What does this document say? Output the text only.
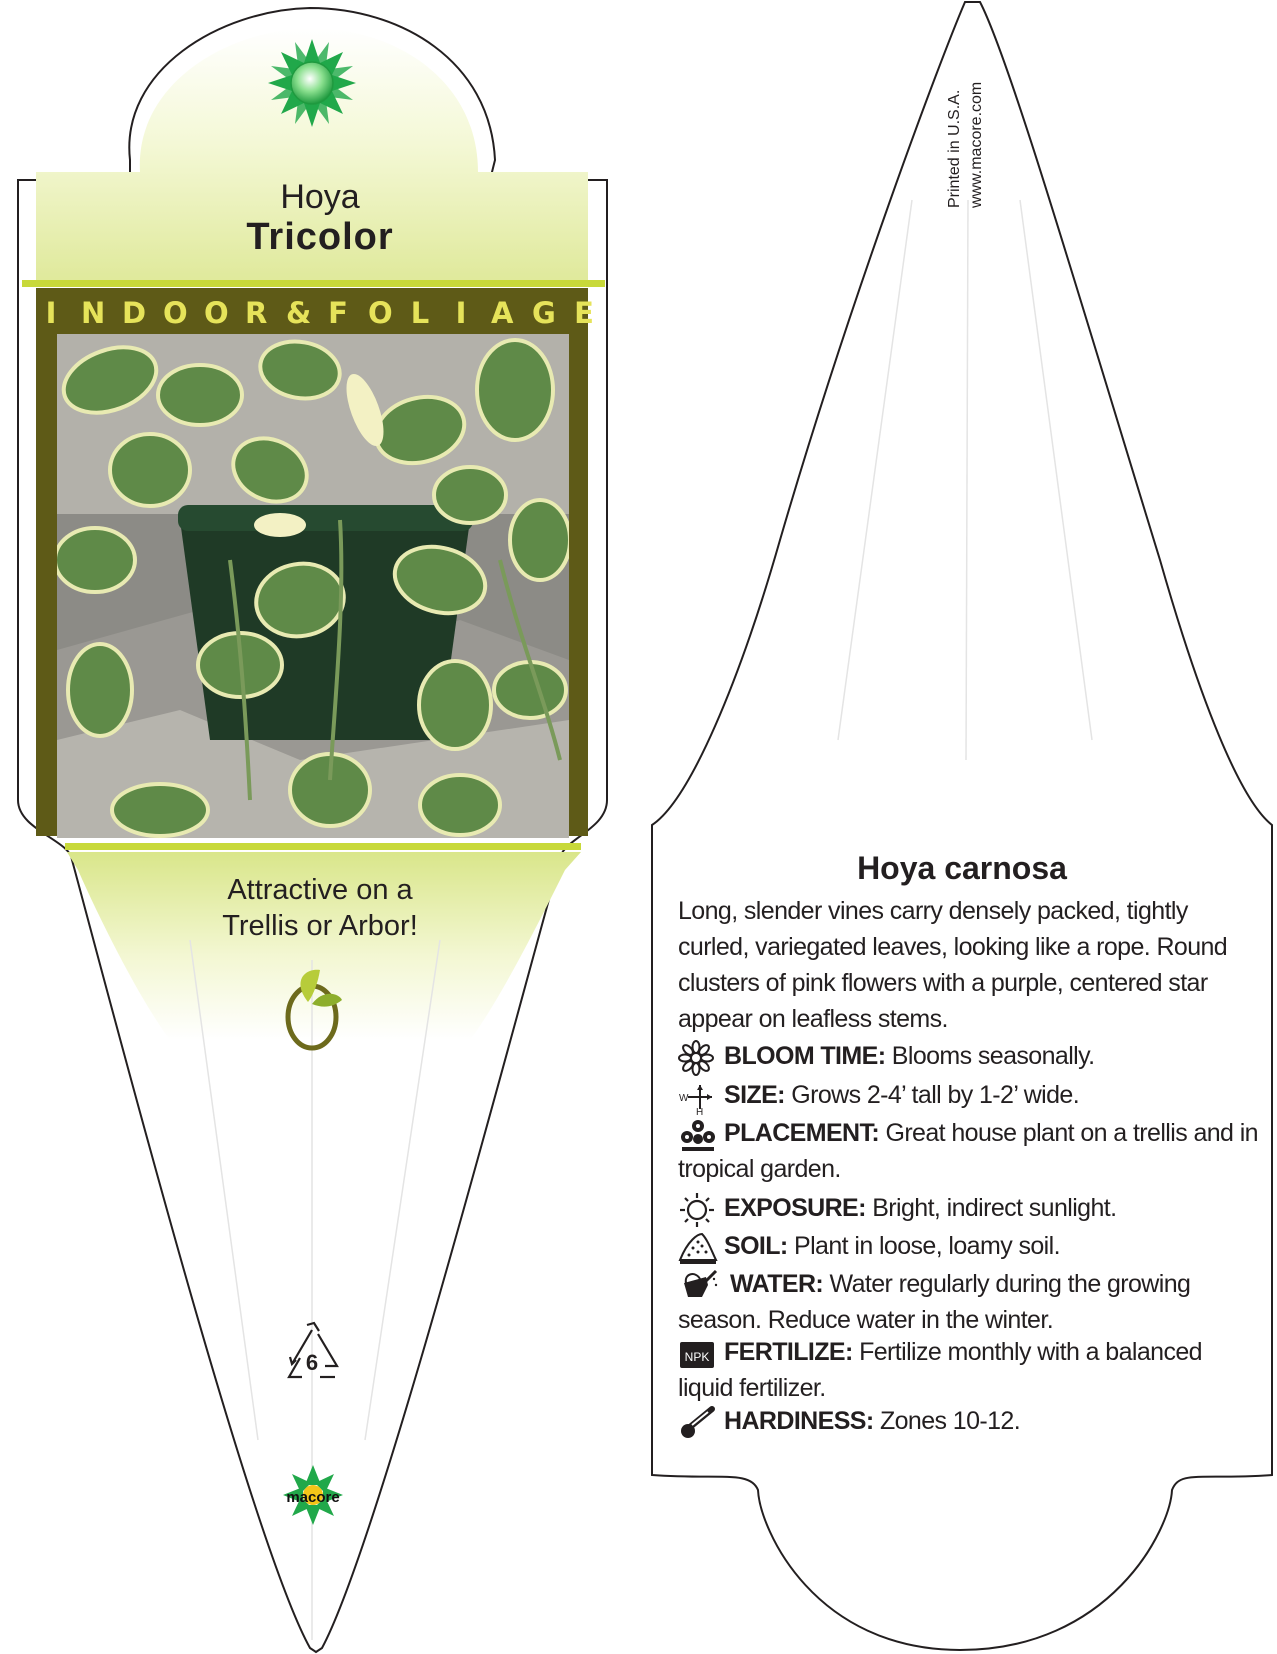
Hoya
Tricolor
I N D O O R & F O L I A G E
Attractive on a
Trellis or Arbor!
6
macore
Printed in U.S.A. www.macore.com
Hoya carnosa
Long, slender vines carry densely packed, tightly curled, variegated leaves, looking like a rope. Round clusters of pink flowers with a purple, centered star appear on leafless stems.
W
H
NPK
BLOOM TIME: Blooms seasonally.
SIZE: Grows 2-4’ tall by 1-2’ wide.
PLACEMENT: Great house plant on a trellis and in
tropical garden.
EXPOSURE: Bright, indirect sunlight.
SOIL: Plant in loose, loamy soil.
WATER: Water regularly during the growing
season. Reduce water in the winter.
FERTILIZE: Fertilize monthly with a balanced
liquid fertilizer.
HARDINESS: Zones 10-12.
